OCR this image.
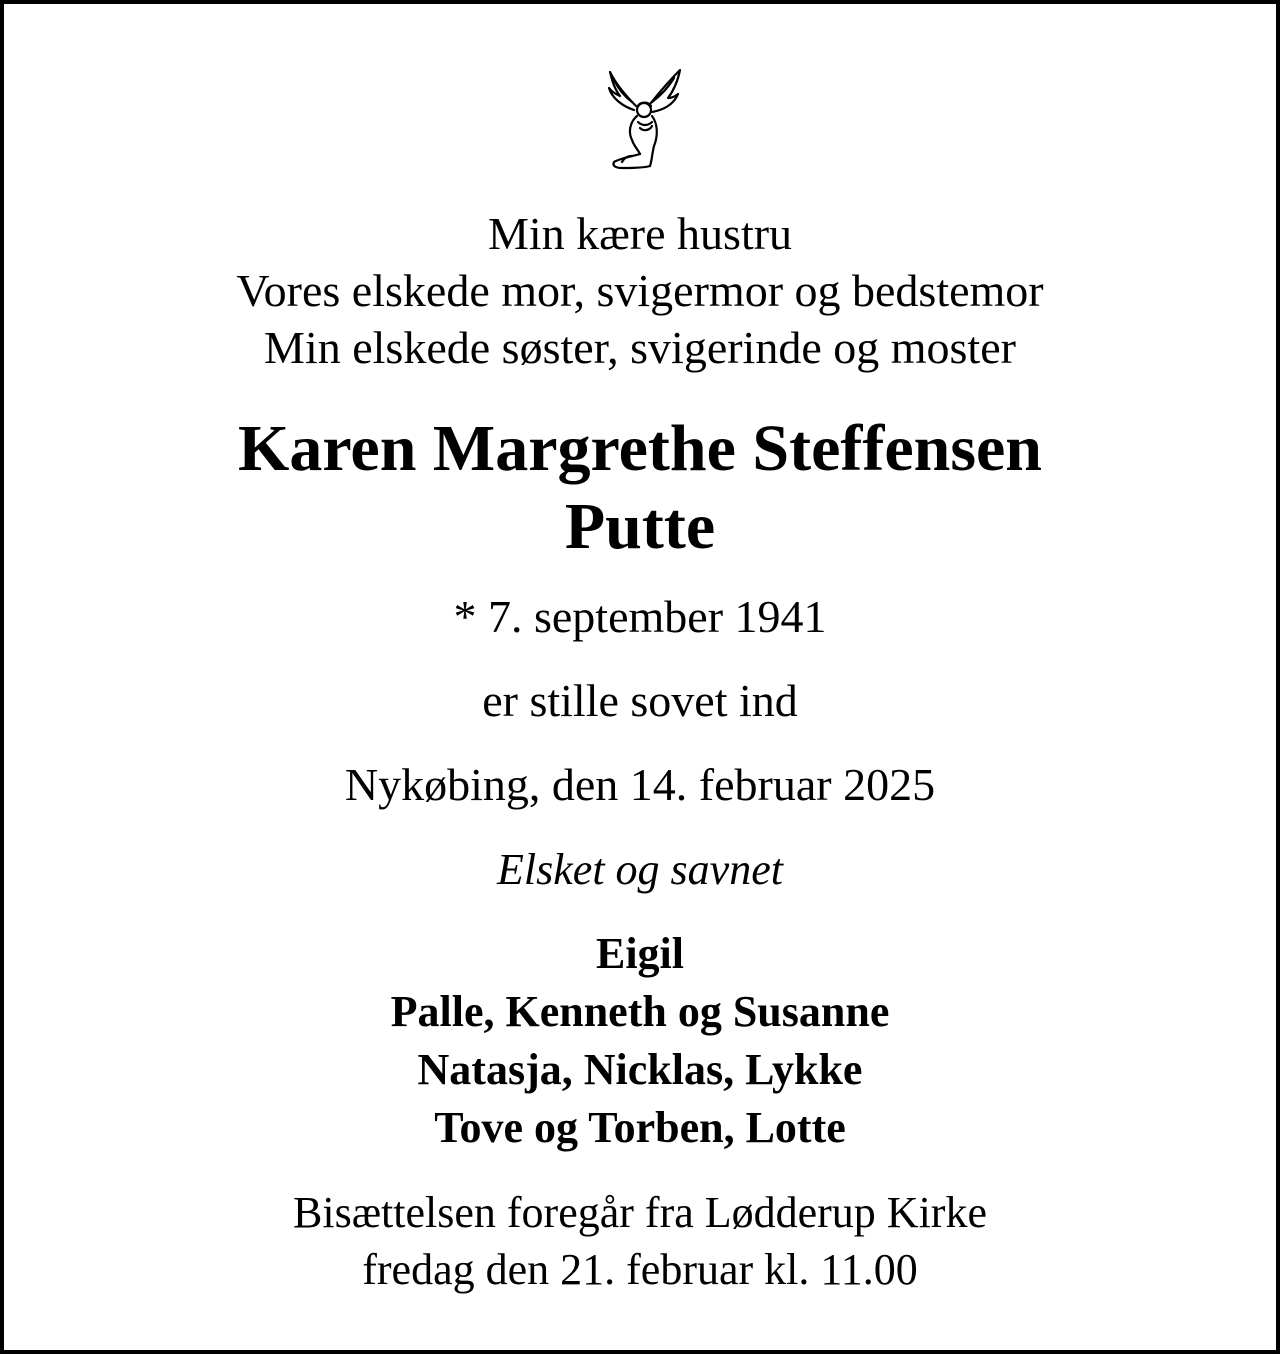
Min kære hustru
Vores elskede mor, svigermor og bedstemor
Min elskede søster, svigerinde og moster
Karen Margrethe Steffensen
Putte
* 7. september 1941
er stille sovet ind
Nykøbing, den 14. februar 2025
Elsket og savnet
Eigil
Palle, Kenneth og Susanne
Natasja, Nicklas, Lykke
Tove og Torben, Lotte
Bisættelsen foregår fra Lødderup Kirke
fredag den 21. februar kl. 11.00
